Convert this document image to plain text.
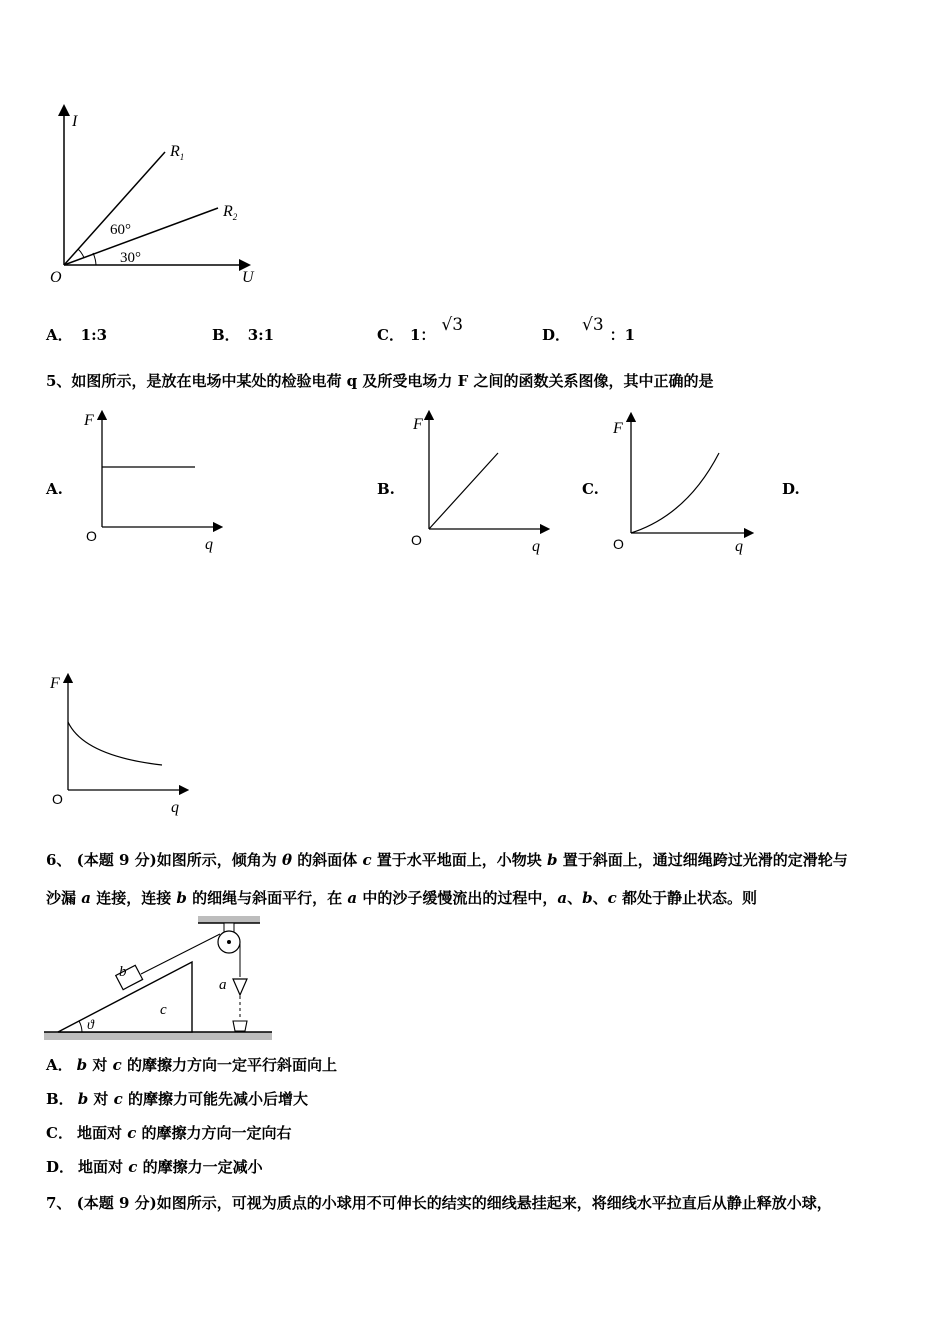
I
U
O
$R_1$
$R_2$
60°
30°
A． 1:3	B． 3:1	C． 1： √3	D． √3 ：1
5、如图所示，是放在电场中某处的检验电荷 q 及所受电场力 F 之间的函数关系图像，其中正确的是
A.	B.	C.	D.
F
O	q
F
O	q
F
O	q
F
O	q
6、 (本题 9 分)如图所示，倾角为 θ 的斜面体 c 置于水平地面上，小物块 b 置于斜面上，通过细绳跨过光滑的定滑轮与
沙漏 a 连接，连接 b 的细绳与斜面平行，在 a 中的沙子缓慢流出的过程中，a、b、c 都处于静止状态。则
b
c
a
ϑ
A． b 对 c 的摩擦力方向一定平行斜面向上
B． b 对 c 的摩擦力可能先减小后增大
C． 地面对 c 的摩擦力方向一定向右
D． 地面对 c 的摩擦力一定减小
7、 (本题 9 分)如图所示，可视为质点的小球用不可伸长的结实的细线悬挂起来，将细线水平拉直后从静止释放小球，
